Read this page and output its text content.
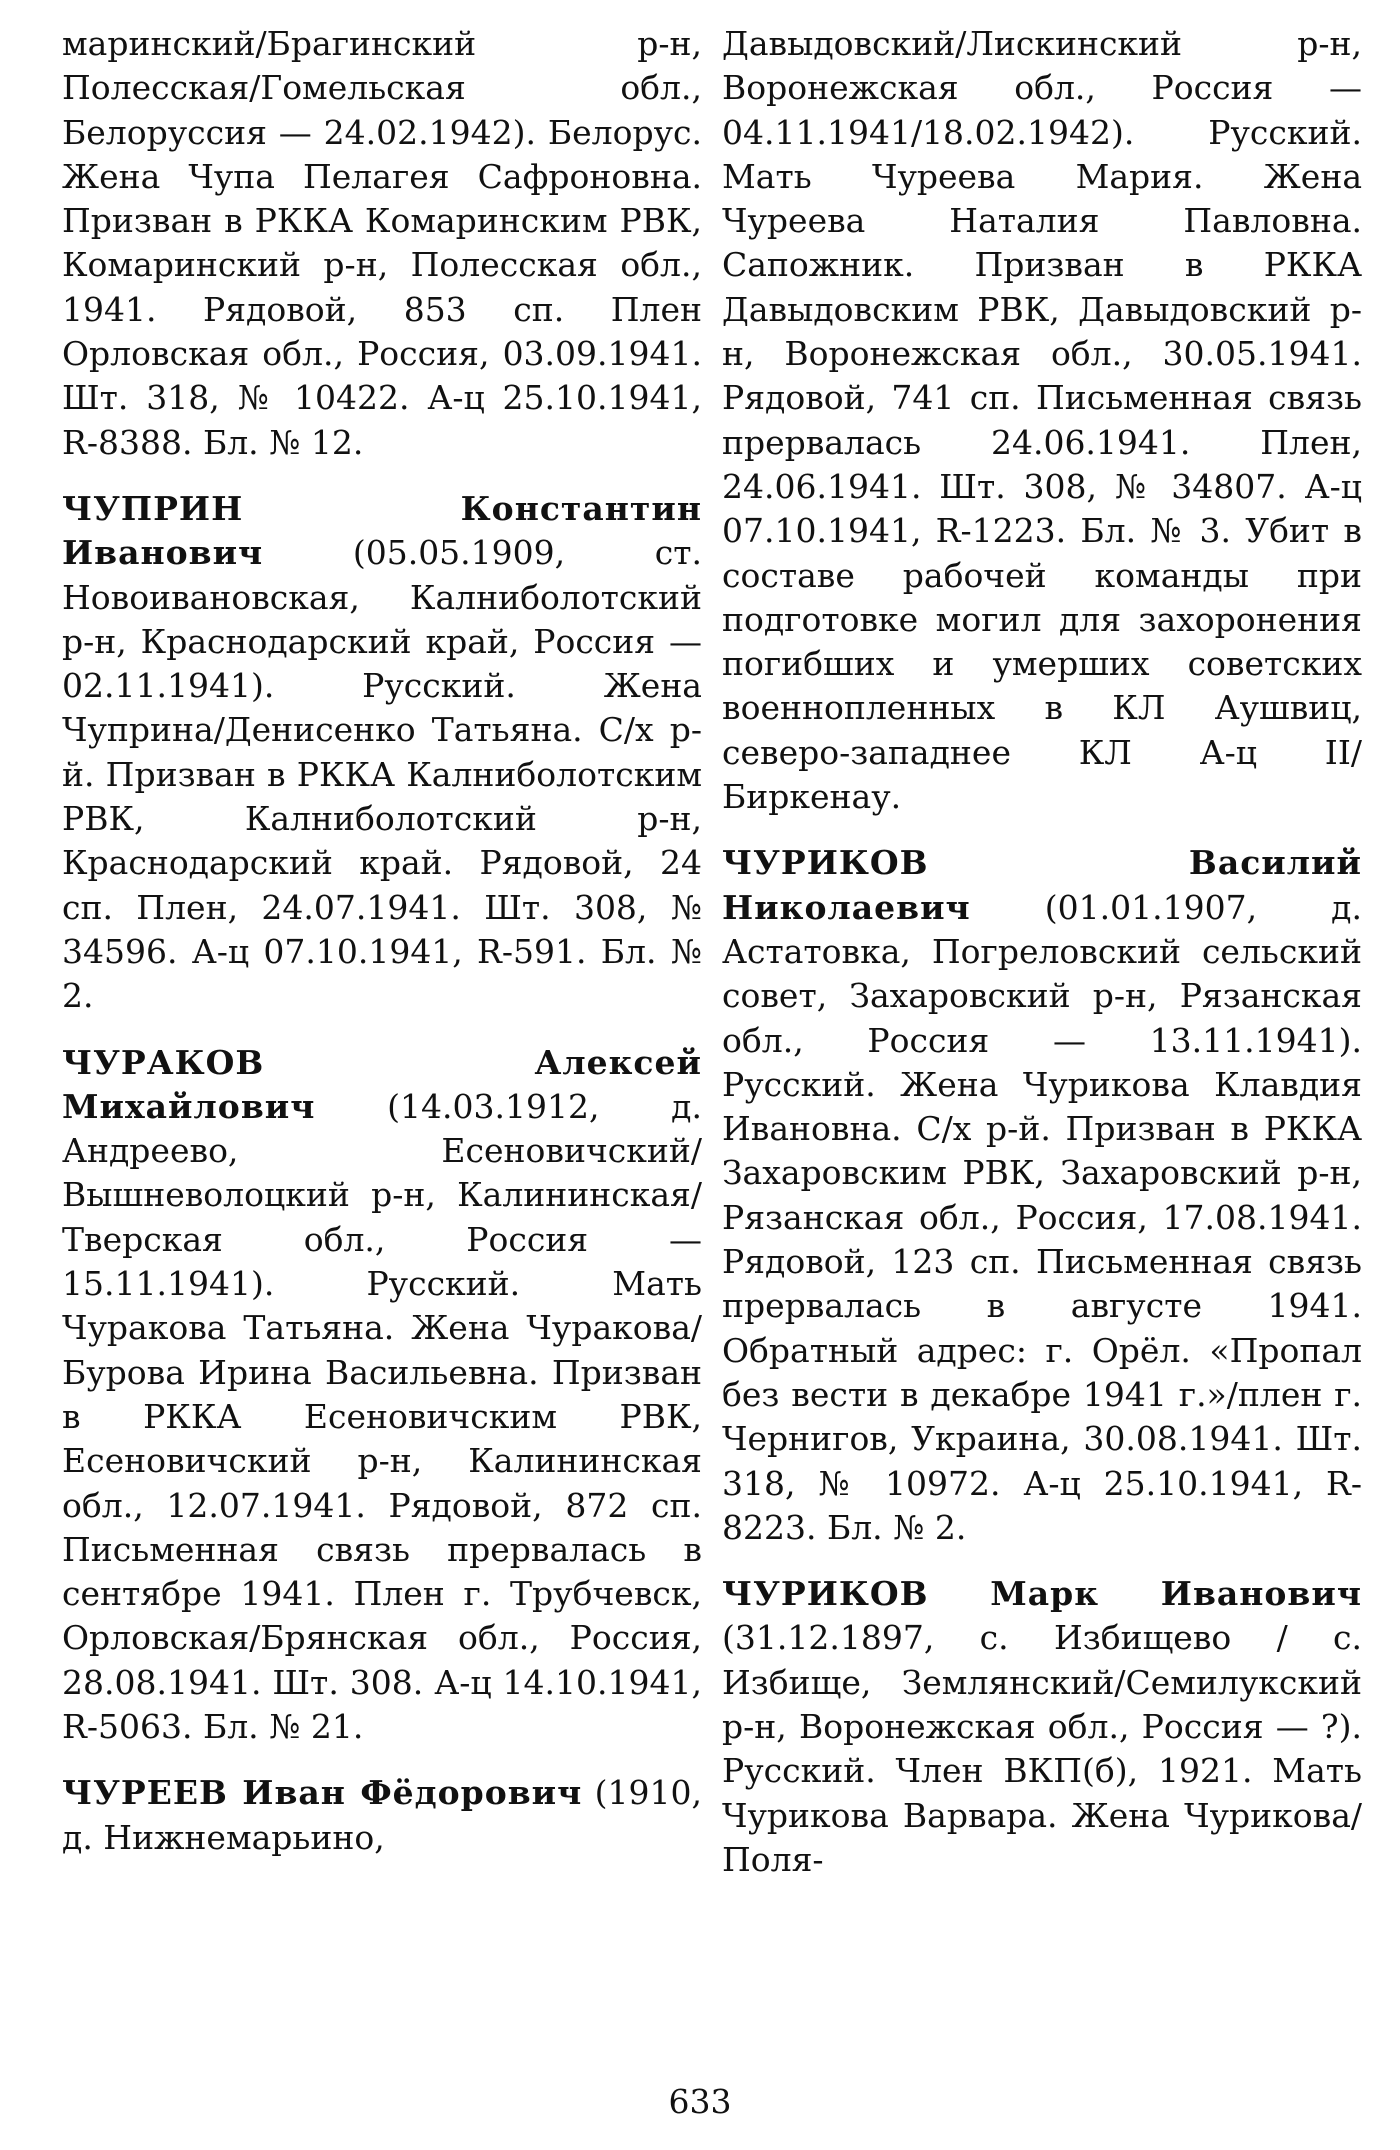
маринский/Брагинский р-н, Полесская/Гомельская обл., Белоруссия — 24.02.1942). Белорус. Жена Чупа Пелагея Сафроновна. Призван в РККА Комаринским РВК, Комаринский р-н, Полесская обл., 1941. Рядовой, 853 сп. Плен Орловская обл., Россия, 03.09.1941. Шт. 318, № 10422. А-ц 25.10.1941, R-8388. Бл. № 12.

ЧУПРИН Константин Иванович (05.05.1909, ст. Новоивановская, Калниболотский р-н, Краснодарский край, Россия — 02.11.1941). Русский. Жена Чуприна/Денисенко Татьяна. С/х р-й. Призван в РККА Калниболотским РВК, Калниболотский р-н, Краснодарский край. Рядовой, 24 сп. Плен, 24.07.1941. Шт. 308, № 34596. А-ц 07.10.1941, R-591. Бл. № 2.

ЧУРАКОВ Алексей Михайлович (14.03.1912, д. Андреево, Есеновичский/Вышневолоцкий р-н, Калининская/Тверская обл., Россия — 15.11.1941). Русский. Мать Чуракова Татьяна. Жена Чуракова/Бурова Ирина Васильевна. Призван в РККА Есеновичским РВК, Есеновичский р-н, Калининская обл., 12.07.1941. Рядовой, 872 сп. Письменная связь прервалась в сентябре 1941. Плен г. Трубчевск, Орловская/Брянская обл., Россия, 28.08.1941. Шт. 308. А-ц 14.10.1941, R-5063. Бл. № 21.

ЧУРЕЕВ Иван Фёдорович (1910, д. Нижнемарьино,

Давыдовский/Лискинский р-н, Воронежская обл., Россия — 04.11.1941/18.02.1942). Русский. Мать Чуреева Мария. Жена Чуреева Наталия Павловна. Сапожник. Призван в РККА Давыдовским РВК, Давыдовский р-н, Воронежская обл., 30.05.1941. Рядовой, 741 сп. Письменная связь прервалась 24.06.1941. Плен, 24.06.1941. Шт. 308, № 34807. А-ц 07.10.1941, R-1223. Бл. № 3. Убит в составе рабочей команды при подготовке могил для захоронения погибших и умерших советских военнопленных в КЛ Аушвиц, северо-западнее КЛ А-ц II/Биркенау.

ЧУРИКОВ Василий Николаевич (01.01.1907, д. Астатовка, Погреловский сельский совет, Захаровский р-н, Рязанская обл., Россия — 13.11.1941). Русский. Жена Чурикова Клавдия Ивановна. С/х р-й. Призван в РККА Захаровским РВК, Захаровский р-н, Рязанская обл., Россия, 17.08.1941. Рядовой, 123 сп. Письменная связь прервалась в августе 1941. Обратный адрес: г. Орёл. «Пропал без вести в декабре 1941 г.»/плен г. Чернигов, Украина, 30.08.1941. Шт. 318, № 10972. А-ц 25.10.1941, R-8223. Бл. № 2.

ЧУРИКОВ Марк Иванович (31.12.1897, с. Избищево / с. Избище, Землянский/Семилукский р-н, Воронежская обл., Россия — ?). Русский. Член ВКП(б), 1921. Мать Чурикова Варвара. Жена Чурикова/Поля-

633
